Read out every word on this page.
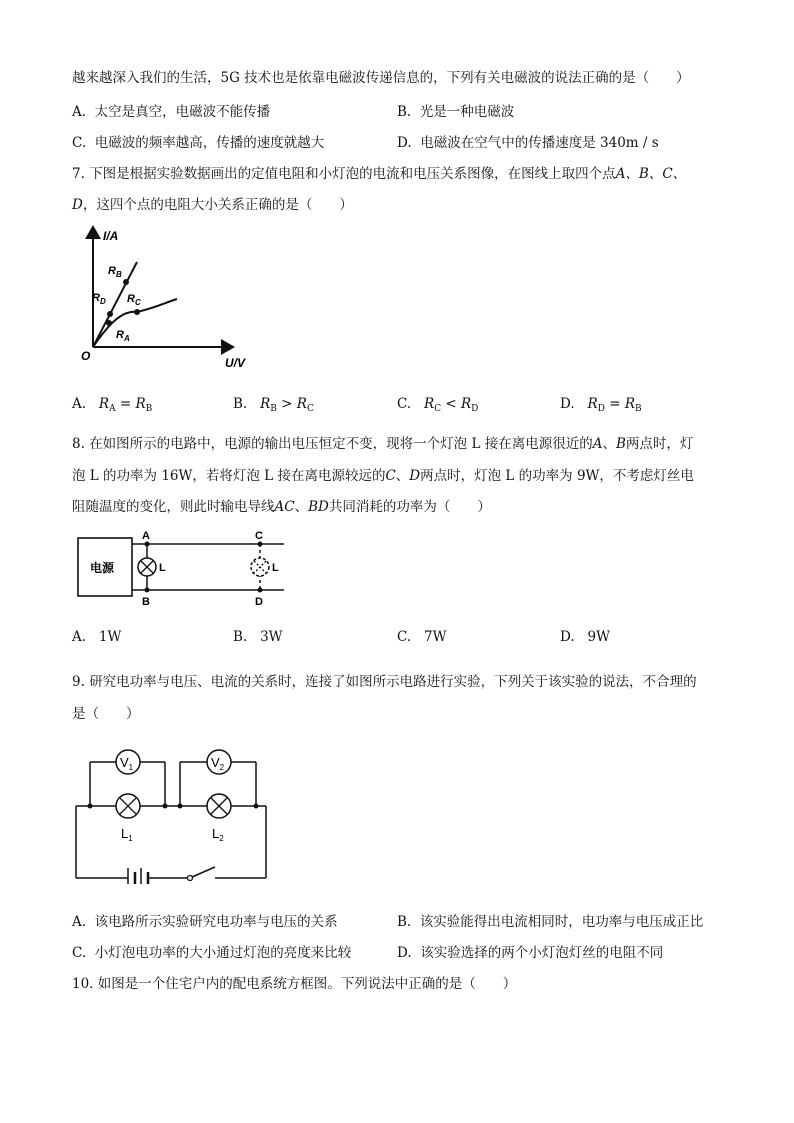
越来越深入我们的生活，5G 技术也是依靠电磁波传递信息的，下列有关电磁波的说法正确的是（　　）
A. 太空是真空，电磁波不能传播	B. 光是一种电磁波
C. 电磁波的频率越高，传播的速度就越大	D. 电磁波在空气中的传播速度是 340m / s
7. 下图是根据实验数据画出的定值电阻和小灯泡的电流和电压关系图像，在图线上取四个点A、B、C、
D，这四个点的电阻大小关系正确的是（　　）
I/A
U/V
O
$R_B$
$R_D$ $R_C$
$R_A$
A. $R_A = R_B$	B. $R_B > R_C$	C. $R_C < R_D$	D. $R_D = R_B$
8. 在如图所示的电路中，电源的输出电压恒定不变，现将一个灯泡 L 接在离电源很近的A、B两点时，灯
泡 L 的功率为 16W，若将灯泡 L 接在离电源较远的C、D两点时，灯泡 L 的功率为 9W，不考虑灯丝电
阻随温度的变化，则此时输电导线AC、BD共同消耗的功率为（　　）
电源
A
B
L
C
D
L
A. 1W	B. 3W	C. 7W	D. 9W
9. 研究电功率与电压、电流的关系时，连接了如图所示电路进行实验，下列关于该实验的说法，不合理的
是（　　）
$V_1$	$V_2$
$L_1$	$L_2$
A. 该电路所示实验研究电功率与电压的关系	B. 该实验能得出电流相同时，电功率与电压成正比
C. 小灯泡电功率的大小通过灯泡的亮度来比较	D. 该实验选择的两个小灯泡灯丝的电阻不同
10. 如图是一个住宅户内的配电系统方框图。下列说法中正确的是（　　）
